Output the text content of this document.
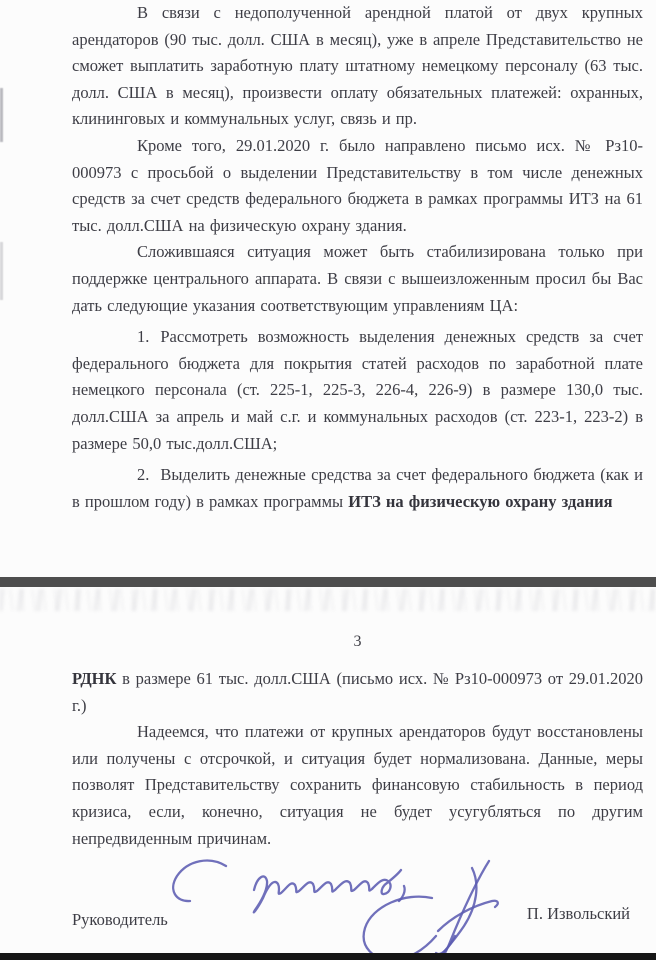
В связи с недополученной арендной платой от двух крупных арендаторов (90 тыс. долл. США в месяц), уже в апреле Представительство не сможет выплатить заработную плату штатному немецкому персоналу (63 тыс. долл. США в месяц), произвести оплату обязательных платежей: охранных, клининговых и коммунальных услуг, связь и пр.

Кроме того, 29.01.2020 г. было направлено письмо исх. № Рз10-000973 с просьбой о выделении Представительству в том числе денежных средств за счет средств федерального бюджета в рамках программы ИТЗ на 61 тыс. долл.США на физическую охрану здания.

Сложившаяся ситуация может быть стабилизирована только при поддержке центрального аппарата. В связи с вышеизложенным просил бы Вас дать следующие указания соответствующим управлениям ЦА:

1. Рассмотреть возможность выделения денежных средств за счет федерального бюджета для покрытия статей расходов по заработной плате немецкого персонала (ст. 225-1, 225-3, 226-4, 226-9) в размере 130,0 тыс. долл.США за апрель и май с.г. и коммунальных расходов (ст. 223-1, 223-2) в размере 50,0 тыс.долл.США;

2. Выделить денежные средства за счет федерального бюджета (как и в прошлом году) в рамках программы ИТЗ на физическую охрану здания

3

РДНК в размере 61 тыс. долл.США (письмо исх. № Рз10-000973 от 29.01.2020 г.)

Надеемся, что платежи от крупных арендаторов будут восстановлены или получены с отсрочкой, и ситуация будет нормализована. Данные, меры позволят Представительству сохранить финансовую стабильность в период кризиса, если, конечно, ситуация не будет усугубляться по другим непредвиденным причинам.

Руководитель	П. Извольский
